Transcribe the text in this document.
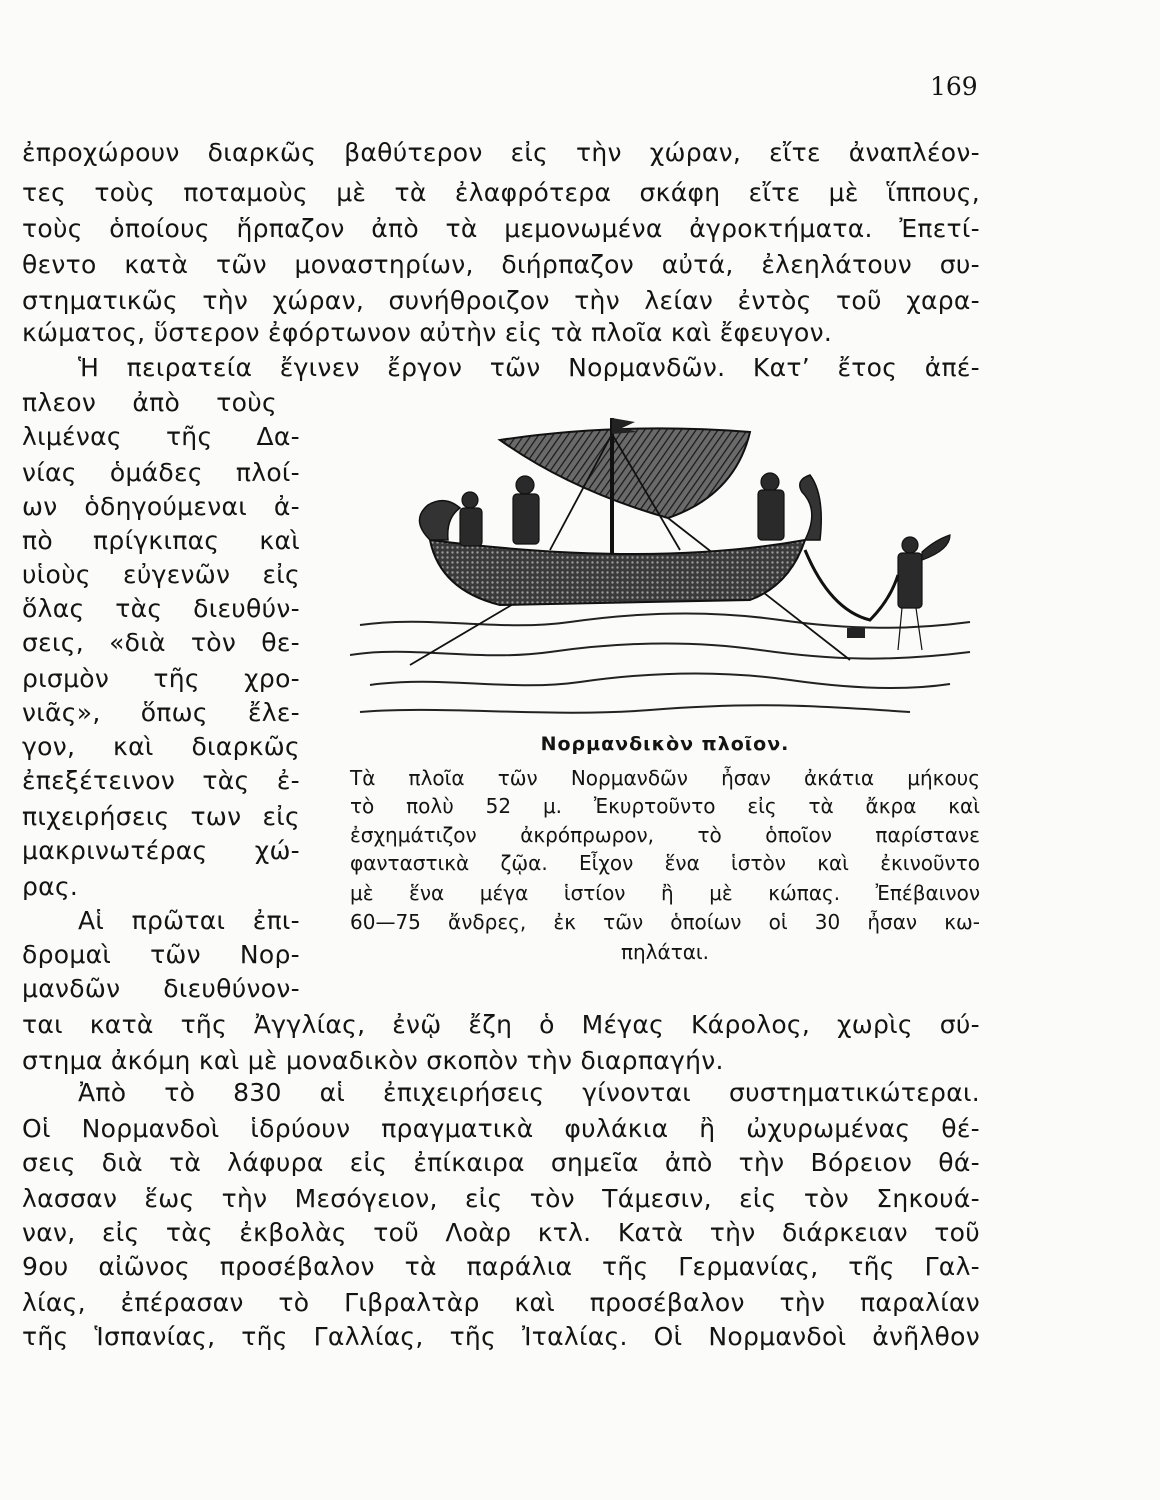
169
ἐπροχώρουν διαρκῶς βαθύτερον εἰς τὴν χώραν, εἴτε ἀναπλέον-
τες τοὺς ποταμοὺς μὲ τὰ ἐλαφρότερα σκάφη εἴτε μὲ ἵππους,
τοὺς ὁποίους ἥρπαζον ἀπὸ τὰ μεμονωμένα ἀγροκτήματα. Ἐπετί-
θεντο κατὰ τῶν μοναστηρίων, διήρπαζον αὐτά, ἐλεηλάτουν συ-
στηματικῶς τὴν χώραν, συνήθροιζον τὴν λείαν ἐντὸς τοῦ χαρα-
κώματος, ὕστερον ἐφόρτωνον αὐτὴν εἰς τὰ πλοῖα καὶ ἔφευγον.
Ἡ πειρατεία ἔγινεν ἔργον τῶν Νορμανδῶν. Κατ’ ἔτος ἀπέ-
πλεον ἀπὸ τοὺς
λιμένας τῆς Δα-
νίας ὁμάδες πλοί-
ων ὁδηγούμεναι ἀ-
πὸ πρίγκιπας καὶ
υἱοὺς εὐγενῶν εἰς
ὅλας τὰς διευθύν-
σεις, «διὰ τὸν θε-
ρισμὸν τῆς χρο-
νιᾶς», ὅπως ἔλε-
γον, καὶ διαρκῶς
ἐπεξέτεινον τὰς ἐ-
πιχειρήσεις των εἰς
μακρινωτέρας χώ-
ρας.
Αἱ πρῶται ἐπι-
δρομαὶ τῶν Νορ-
μανδῶν διευθύνον-
Νορμανδικὸν πλοῖον.
Τὰ πλοῖα τῶν Νορμανδῶν ἦσαν ἀκάτια μήκους
τὸ πολὺ 52 μ. Ἐκυρτοῦντο εἰς τὰ ἄκρα καὶ
ἐσχημάτιζον ἀκρόπρωρον, τὸ ὁποῖον παρίστανε
φανταστικὰ ζῷα. Εἶχον ἕνα ἱστὸν καὶ ἐκινοῦντο
μὲ ἕνα μέγα ἱστίον ἢ μὲ κώπας. Ἐπέβαινον
60—75 ἄνδρες, ἐκ τῶν ὁποίων οἱ 30 ἦσαν κω-
πηλάται.
ται κατὰ τῆς Ἀγγλίας, ἐνῷ ἔζη ὁ Μέγας Κάρολος, χωρὶς σύ-
στημα ἀκόμη καὶ μὲ μοναδικὸν σκοπὸν τὴν διαρπαγήν.
Ἀπὸ τὸ 830 αἱ ἐπιχειρήσεις γίνονται συστηματικώτεραι.
Οἱ Νορμανδοὶ ἱδρύουν πραγματικὰ φυλάκια ἢ ὠχυρωμένας θέ-
σεις διὰ τὰ λάφυρα εἰς ἐπίκαιρα σημεῖα ἀπὸ τὴν Βόρειον θά-
λασσαν ἕως τὴν Μεσόγειον, εἰς τὸν Τάμεσιν, εἰς τὸν Σηκουά-
ναν, εἰς τὰς ἐκβολὰς τοῦ Λοὰρ κτλ. Κατὰ τὴν διάρκειαν τοῦ
9ου αἰῶνος προσέβαλον τὰ παράλια τῆς Γερμανίας, τῆς Γαλ-
λίας, ἐπέρασαν τὸ Γιβραλτὰρ καὶ προσέβαλον τὴν παραλίαν
τῆς Ἱσπανίας, τῆς Γαλλίας, τῆς Ἰταλίας. Οἱ Νορμανδοὶ ἀνῆλθον
